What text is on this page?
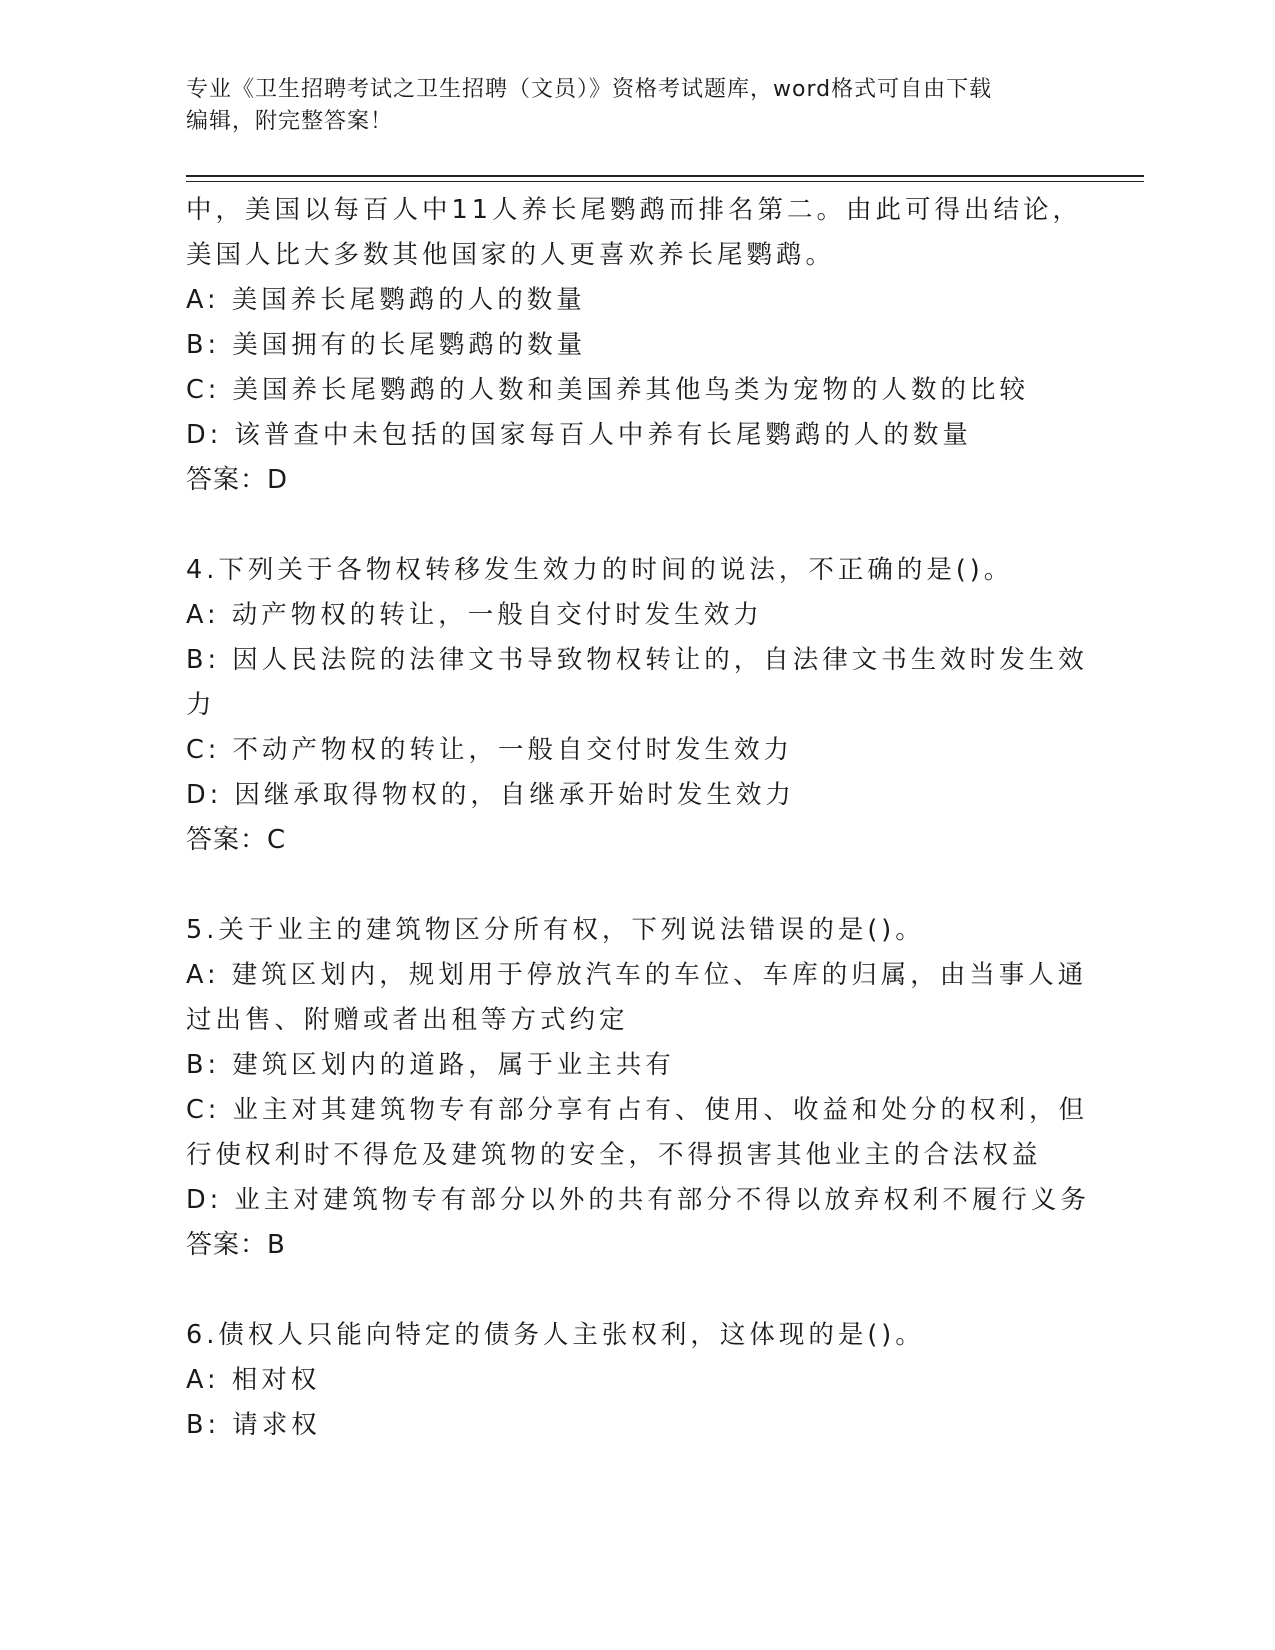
专业《卫生招聘考试之卫生招聘（文员）》资格考试题库，word格式可自由下载
编辑，附完整答案！
中，美国以每百人中11人养长尾鹦鹉而排名第二。由此可得出结论，
美国人比大多数其他国家的人更喜欢养长尾鹦鹉。
A: 美国养长尾鹦鹉的人的数量
B: 美国拥有的长尾鹦鹉的数量
C: 美国养长尾鹦鹉的人数和美国养其他鸟类为宠物的人数的比较
D: 该普查中未包括的国家每百人中养有长尾鹦鹉的人的数量
答案：D
4.下列关于各物权转移发生效力的时间的说法，不正确的是()。
A: 动产物权的转让，一般自交付时发生效力
B: 因人民法院的法律文书导致物权转让的，自法律文书生效时发生效
力
C: 不动产物权的转让，一般自交付时发生效力
D: 因继承取得物权的，自继承开始时发生效力
答案：C
5.关于业主的建筑物区分所有权，下列说法错误的是()。
A: 建筑区划内，规划用于停放汽车的车位、车库的归属，由当事人通
过出售、附赠或者出租等方式约定
B: 建筑区划内的道路，属于业主共有
C: 业主对其建筑物专有部分享有占有、使用、收益和处分的权利，但
行使权利时不得危及建筑物的安全，不得损害其他业主的合法权益
D: 业主对建筑物专有部分以外的共有部分不得以放弃权利不履行义务
答案：B
6.债权人只能向特定的债务人主张权利，这体现的是()。
A: 相对权
B: 请求权
